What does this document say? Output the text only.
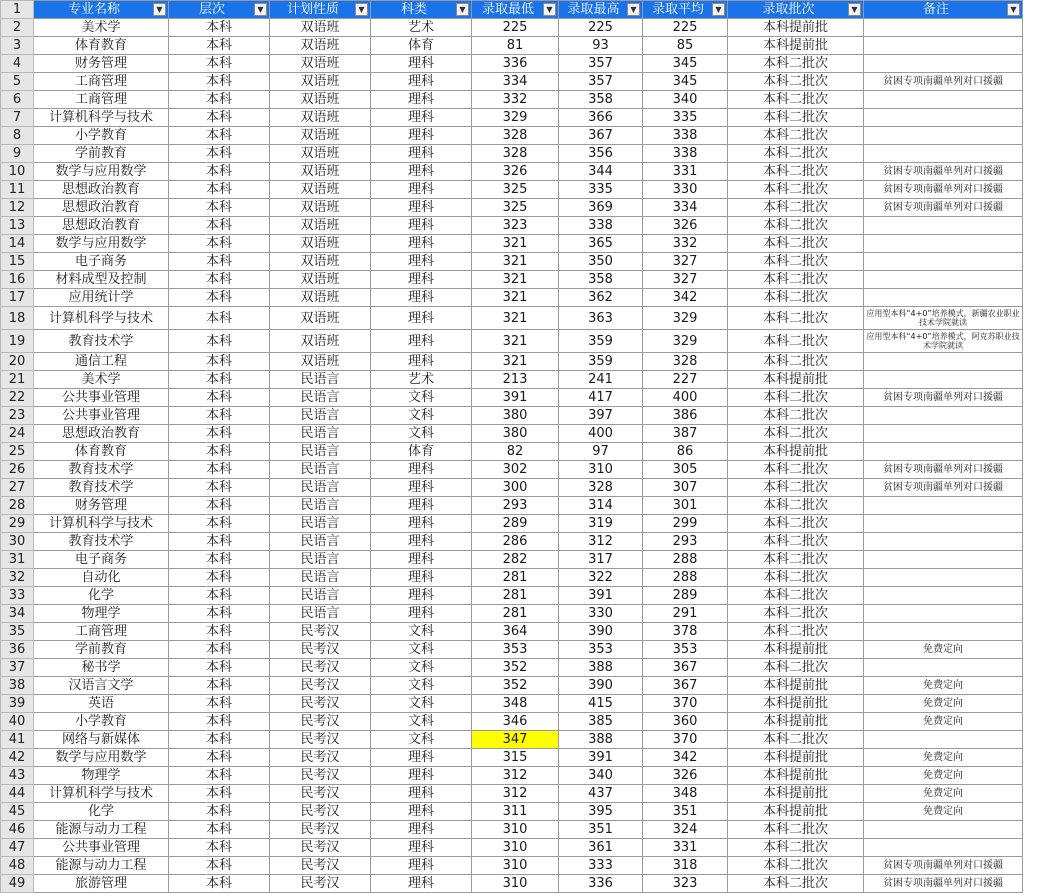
1	专业名称 ▼	层次 ▼	计划性质 ▼	科类 ▼	录取最低 ▼	录取最高 ▼	录取平均 ▼	录取批次 ▼	备注 ▼

2	美术学	本科	双语班	艺术	225	225	225	本科提前批	
3	体育教育	本科	双语班	体育	81	93	85	本科提前批	
4	财务管理	本科	双语班	理科	336	357	345	本科二批次	
5	工商管理	本科	双语班	理科	334	357	345	本科二批次	贫困专项南疆单列对口援疆
6	工商管理	本科	双语班	理科	332	358	340	本科二批次	
7	计算机科学与技术	本科	双语班	理科	329	366	335	本科二批次	
8	小学教育	本科	双语班	理科	328	367	338	本科二批次	
9	学前教育	本科	双语班	理科	328	356	338	本科二批次	
10	数学与应用数学	本科	双语班	理科	326	344	331	本科二批次	贫困专项南疆单列对口援疆
11	思想政治教育	本科	双语班	理科	325	335	330	本科二批次	贫困专项南疆单列对口援疆
12	思想政治教育	本科	双语班	理科	325	369	334	本科二批次	贫困专项南疆单列对口援疆
13	思想政治教育	本科	双语班	理科	323	338	326	本科二批次	
14	数学与应用数学	本科	双语班	理科	321	365	332	本科二批次	
15	电子商务	本科	双语班	理科	321	350	327	本科二批次	
16	材料成型及控制	本科	双语班	理科	321	358	327	本科二批次	
17	应用统计学	本科	双语班	理科	321	362	342	本科二批次	
18	计算机科学与技术	本科	双语班	理科	321	363	329	本科二批次	应用型本科“4+0”培养模式，新疆农业职业技术学院就读
19	教育技术学	本科	双语班	理科	321	359	329	本科二批次	应用型本科“4+0”培养模式，阿克苏职业技术学院就读
20	通信工程	本科	双语班	理科	321	359	328	本科二批次	
21	美术学	本科	民语言	艺术	213	241	227	本科提前批	
22	公共事业管理	本科	民语言	文科	391	417	400	本科二批次	贫困专项南疆单列对口援疆
23	公共事业管理	本科	民语言	文科	380	397	386	本科二批次	
24	思想政治教育	本科	民语言	文科	380	400	387	本科二批次	
25	体育教育	本科	民语言	体育	82	97	86	本科提前批	
26	教育技术学	本科	民语言	理科	302	310	305	本科二批次	贫困专项南疆单列对口援疆
27	教育技术学	本科	民语言	理科	300	328	307	本科二批次	贫困专项南疆单列对口援疆
28	财务管理	本科	民语言	理科	293	314	301	本科二批次	
29	计算机科学与技术	本科	民语言	理科	289	319	299	本科二批次	
30	教育技术学	本科	民语言	理科	286	312	293	本科二批次	
31	电子商务	本科	民语言	理科	282	317	288	本科二批次	
32	自动化	本科	民语言	理科	281	322	288	本科二批次	
33	化学	本科	民语言	理科	281	391	289	本科二批次	
34	物理学	本科	民语言	理科	281	330	291	本科二批次	
35	工商管理	本科	民考汉	文科	364	390	378	本科二批次	
36	学前教育	本科	民考汉	文科	353	353	353	本科提前批	免费定向
37	秘书学	本科	民考汉	文科	352	388	367	本科二批次	
38	汉语言文学	本科	民考汉	文科	352	390	367	本科提前批	免费定向
39	英语	本科	民考汉	文科	348	415	370	本科提前批	免费定向
40	小学教育	本科	民考汉	文科	346	385	360	本科提前批	免费定向
41	网络与新媒体	本科	民考汉	文科	347	388	370	本科二批次	
42	数学与应用数学	本科	民考汉	理科	315	391	342	本科提前批	免费定向
43	物理学	本科	民考汉	理科	312	340	326	本科提前批	免费定向
44	计算机科学与技术	本科	民考汉	理科	312	437	348	本科提前批	免费定向
45	化学	本科	民考汉	理科	311	395	351	本科提前批	免费定向
46	能源与动力工程	本科	民考汉	理科	310	351	324	本科二批次	
47	公共事业管理	本科	民考汉	理科	310	361	331	本科二批次	
48	能源与动力工程	本科	民考汉	理科	310	333	318	本科二批次	贫困专项南疆单列对口援疆
49	旅游管理	本科	民考汉	理科	310	336	323	本科二批次	贫困专项南疆单列对口援疆
